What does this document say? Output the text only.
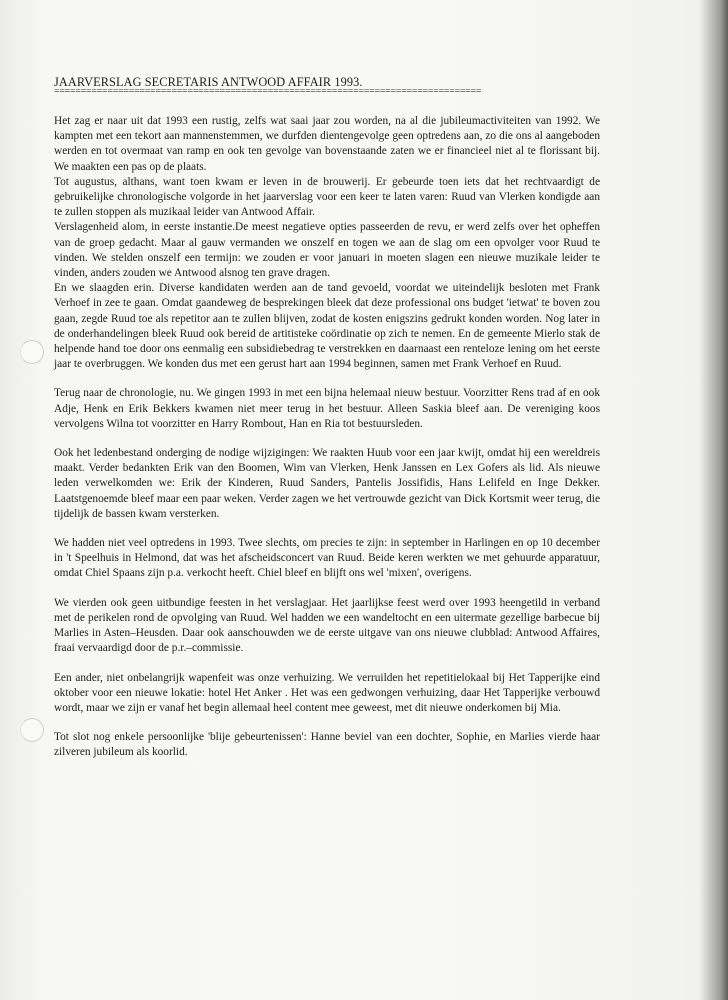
JAARVERSLAG SECRETARIS ANTWOOD AFFAIR 1993.
================================================================================

Het zag er naar uit dat 1993 een rustig, zelfs wat saai jaar zou worden, na al die jubileumactiviteiten van 1992. We kampten met een tekort aan mannenstemmen, we durfden dientengevolge geen optredens aan, zo die ons al aangeboden werden en tot overmaat van ramp en ook ten gevolge van bovenstaande zaten we er financieel niet al te florissant bij. We maakten een pas op de plaats.

Tot augustus, althans, want toen kwam er leven in de brouwerij. Er gebeurde toen iets dat het rechtvaardigt de gebruikelijke chronologische volgorde in het jaarverslag voor een keer te laten varen: Ruud van Vlerken kondigde aan te zullen stoppen als muzikaal leider van Antwood Affair.

Verslagenheid alom, in eerste instantie.De meest negatieve opties passeerden de revu, er werd zelfs over het opheffen van de groep gedacht. Maar al gauw vermanden we onszelf en togen we aan de slag om een opvolger voor Ruud te vinden. We stelden onszelf een termijn: we zouden er voor januari in moeten slagen een nieuwe muzikale leider te vinden, anders zouden we Antwood alsnog ten grave dragen.

En we slaagden erin. Diverse kandidaten werden aan de tand gevoeld, voordat we uiteindelijk besloten met Frank Verhoef in zee te gaan. Omdat gaandeweg de besprekingen bleek dat deze professional ons budget 'ietwat' te boven zou gaan, zegde Ruud toe als repetitor aan te zullen blijven, zodat de kosten enigszins gedrukt konden worden. Nog later in de onderhandelingen bleek Ruud ook bereid de artitisteke coördinatie op zich te nemen. En de gemeente Mierlo stak de helpende hand toe door ons eenmalig een subsidiebedrag te verstrekken en daarnaast een renteloze lening om het eerste jaar te overbruggen. We konden dus met een gerust hart aan 1994 beginnen, samen met Frank Verhoef en Ruud.

Terug naar de chronologie, nu. We gingen 1993 in met een bijna helemaal nieuw bestuur. Voorzitter Rens trad af en ook Adje, Henk en Erik Bekkers kwamen niet meer terug in het bestuur. Alleen Saskia bleef aan. De vereniging koos vervolgens Wilna tot voorzitter en Harry Rombout, Han en Ria tot bestuursleden.

Ook het ledenbestand onderging de nodige wijzigingen: We raakten Huub voor een jaar kwijt, omdat hij een wereldreis maakt. Verder bedankten Erik van den Boomen, Wim van Vlerken, Henk Janssen en Lex Gofers als lid. Als nieuwe leden verwelkomden we: Erik der Kinderen, Ruud Sanders, Pantelis Jossifidis, Hans Lelifeld en Inge Dekker. Laatstgenoemde bleef maar een paar weken. Verder zagen we het vertrouwde gezicht van Dick Kortsmit weer terug, die tijdelijk de bassen kwam versterken.

We hadden niet veel optredens in 1993. Twee slechts, om precies te zijn: in september in Harlingen en op 10 december in 't Speelhuis in Helmond, dat was het afscheidsconcert van Ruud. Beide keren werkten we met gehuurde apparatuur, omdat Chiel Spaans zijn p.a. verkocht heeft. Chiel bleef en blijft ons wel 'mixen', overigens.

We vierden ook geen uitbundige feesten in het verslagjaar. Het jaarlijkse feest werd over 1993 heengetild in verband met de perikelen rond de opvolging van Ruud. Wel hadden we een wandeltocht en een uitermate gezellige barbecue bij Marlies in Asten–Heusden. Daar ook aanschouwden we de eerste uitgave van ons nieuwe clubblad: Antwood Affaires, fraai vervaardigd door de p.r.–commissie.

Een ander, niet onbelangrijk wapenfeit was onze verhuizing. We verruilden het repetitielokaal bij Het Tapperijke eind oktober voor een nieuwe lokatie: hotel Het Anker . Het was een gedwongen verhuizing, daar Het Tapperijke verbouwd wordt, maar we zijn er vanaf het begin allemaal heel content mee geweest, met dit nieuwe onderkomen bij Mia.

Tot slot nog enkele persoonlijke 'blije gebeurtenissen': Hanne beviel van een dochter, Sophie, en Marlies vierde haar zilveren jubileum als koorlid.
